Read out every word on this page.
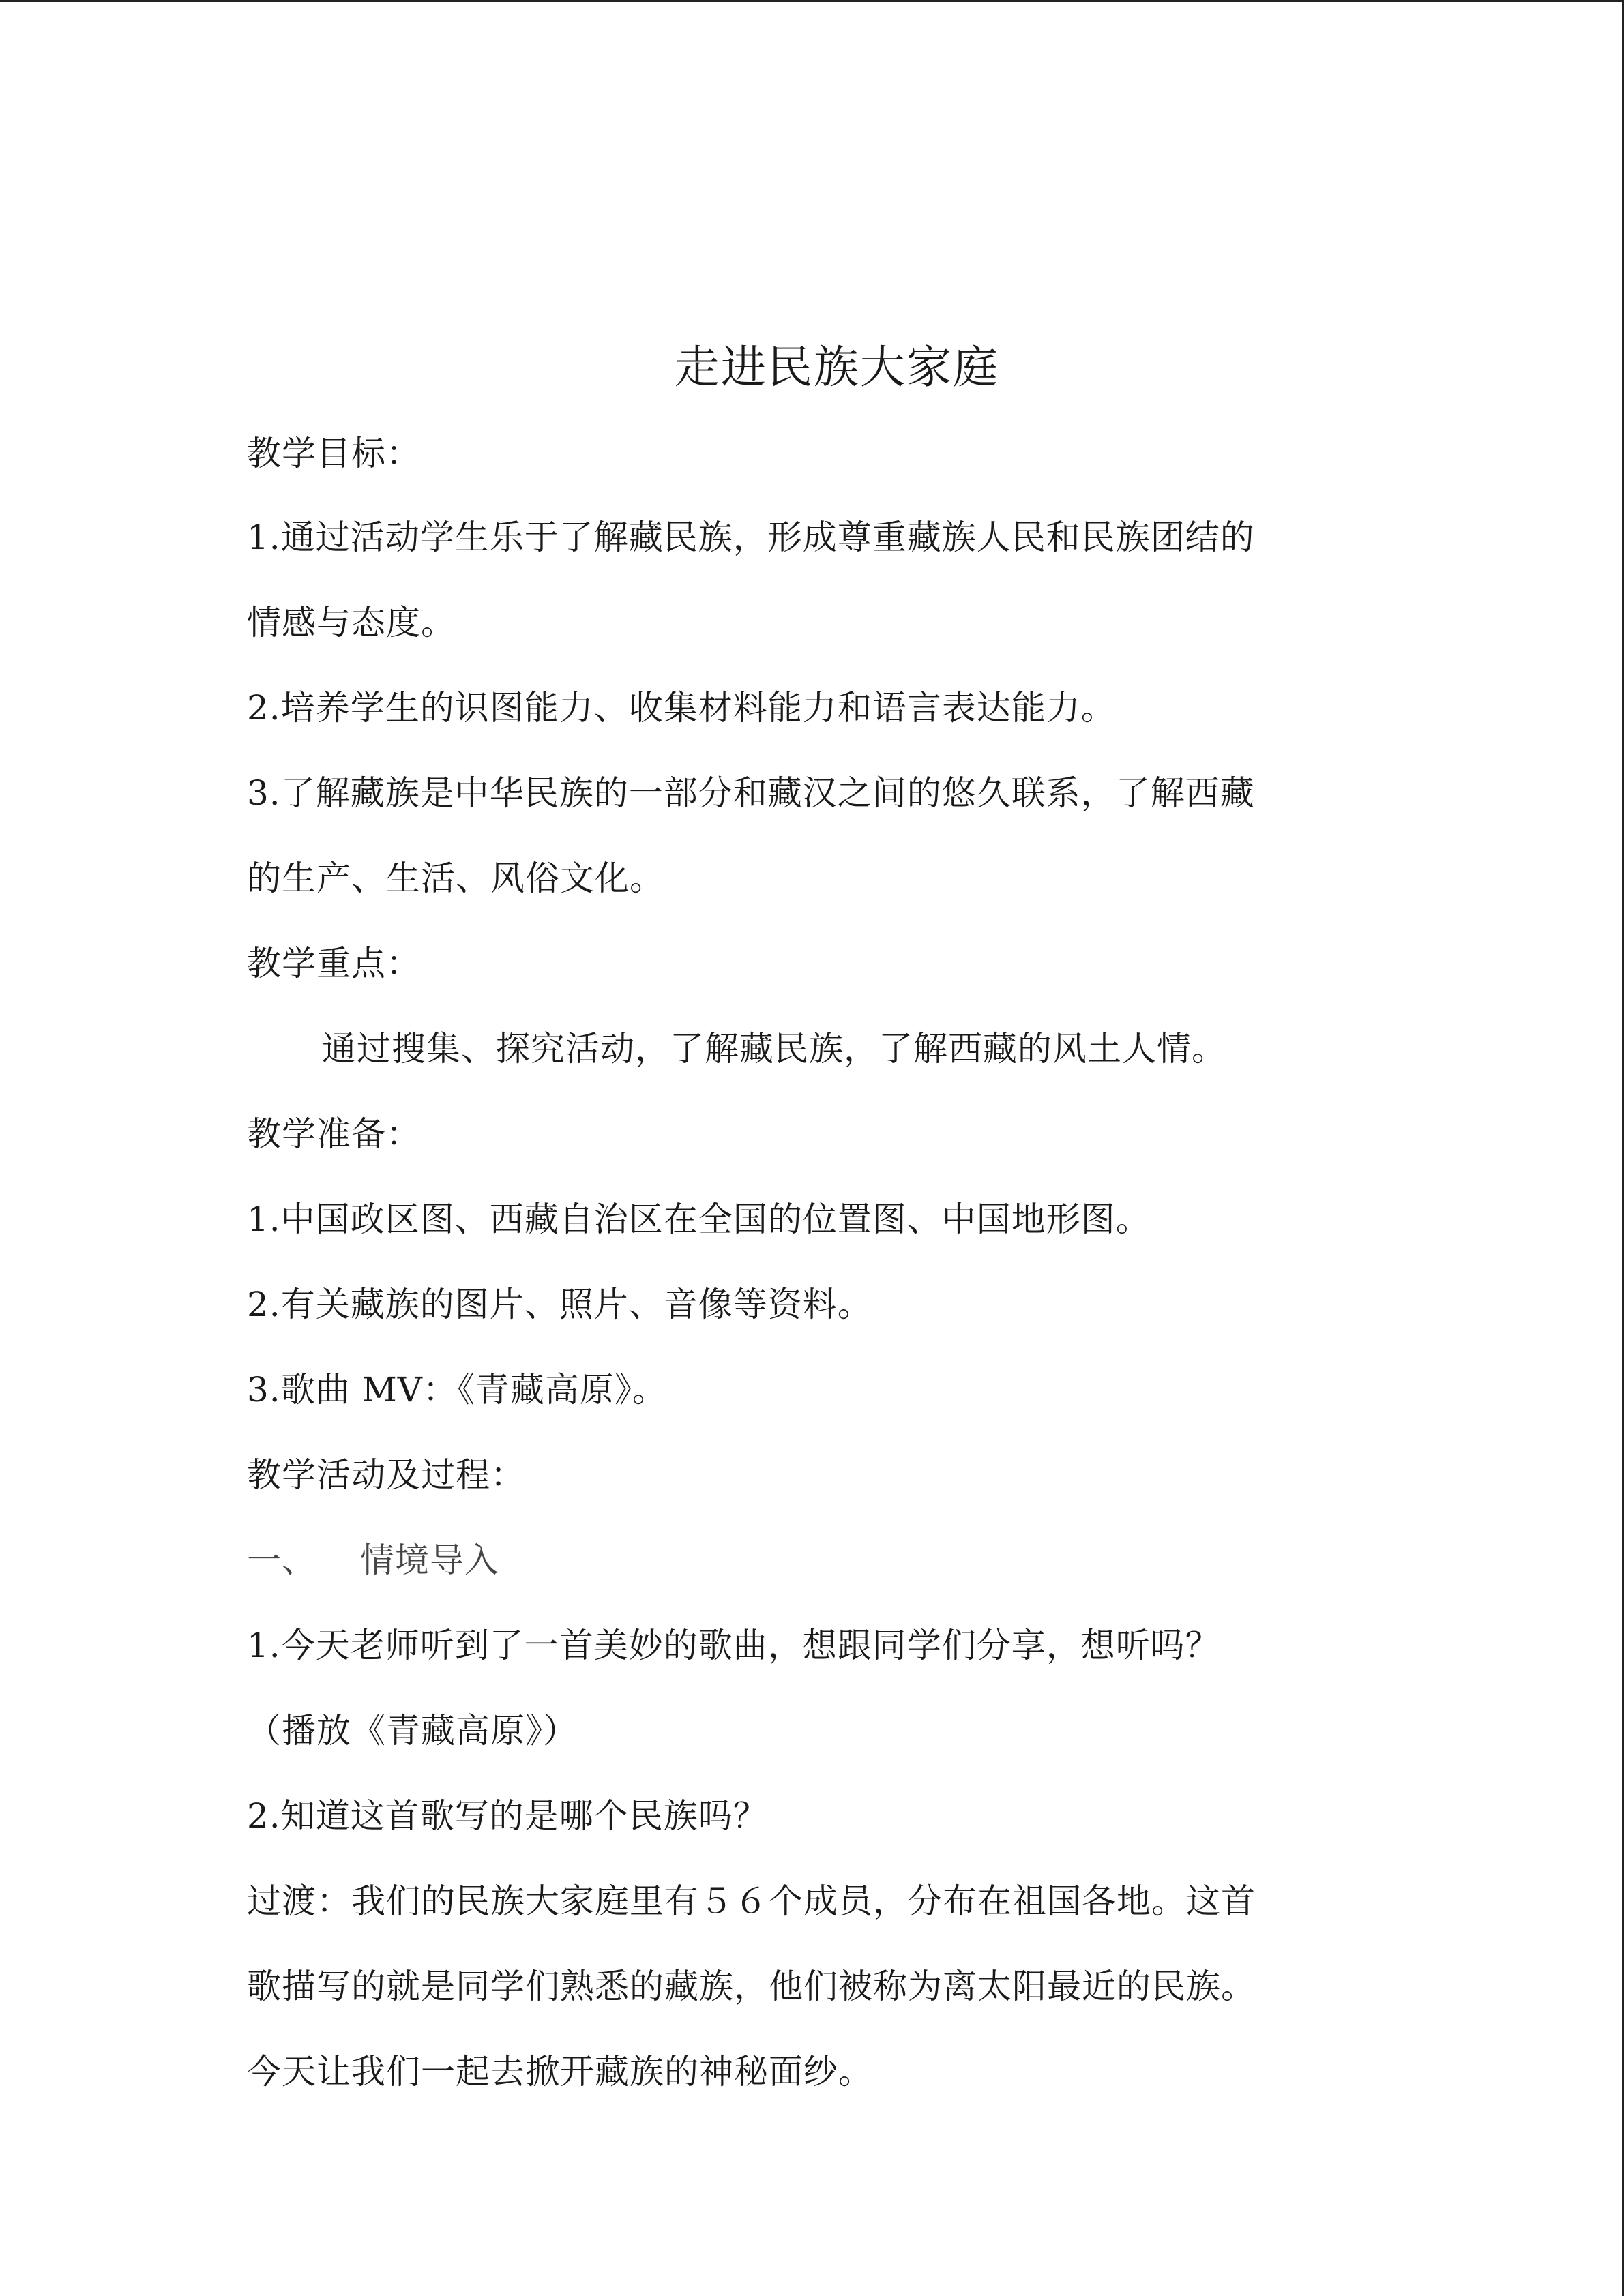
走进民族大家庭
教学目标：
1.通过活动学生乐于了解藏民族，形成尊重藏族人民和民族团结的
情感与态度。
2.培养学生的识图能力、收集材料能力和语言表达能力。
3.了解藏族是中华民族的一部分和藏汉之间的悠久联系，了解西藏
的生产、生活、风俗文化。
教学重点：
通过搜集、探究活动，了解藏民族，了解西藏的风土人情。
教学准备：
1.中国政区图、西藏自治区在全国的位置图、中国地形图。
2.有关藏族的图片、照片、音像等资料。
3.歌曲 MV：《青藏高原》。
教学活动及过程：
一、 情境导入
1.今天老师听到了一首美妙的歌曲，想跟同学们分享，想听吗？
（播放《青藏高原》）
2.知道这首歌写的是哪个民族吗？
过渡：我们的民族大家庭里有５６个成员，分布在祖国各地。这首
歌描写的就是同学们熟悉的藏族，他们被称为离太阳最近的民族。
今天让我们一起去掀开藏族的神秘面纱。
